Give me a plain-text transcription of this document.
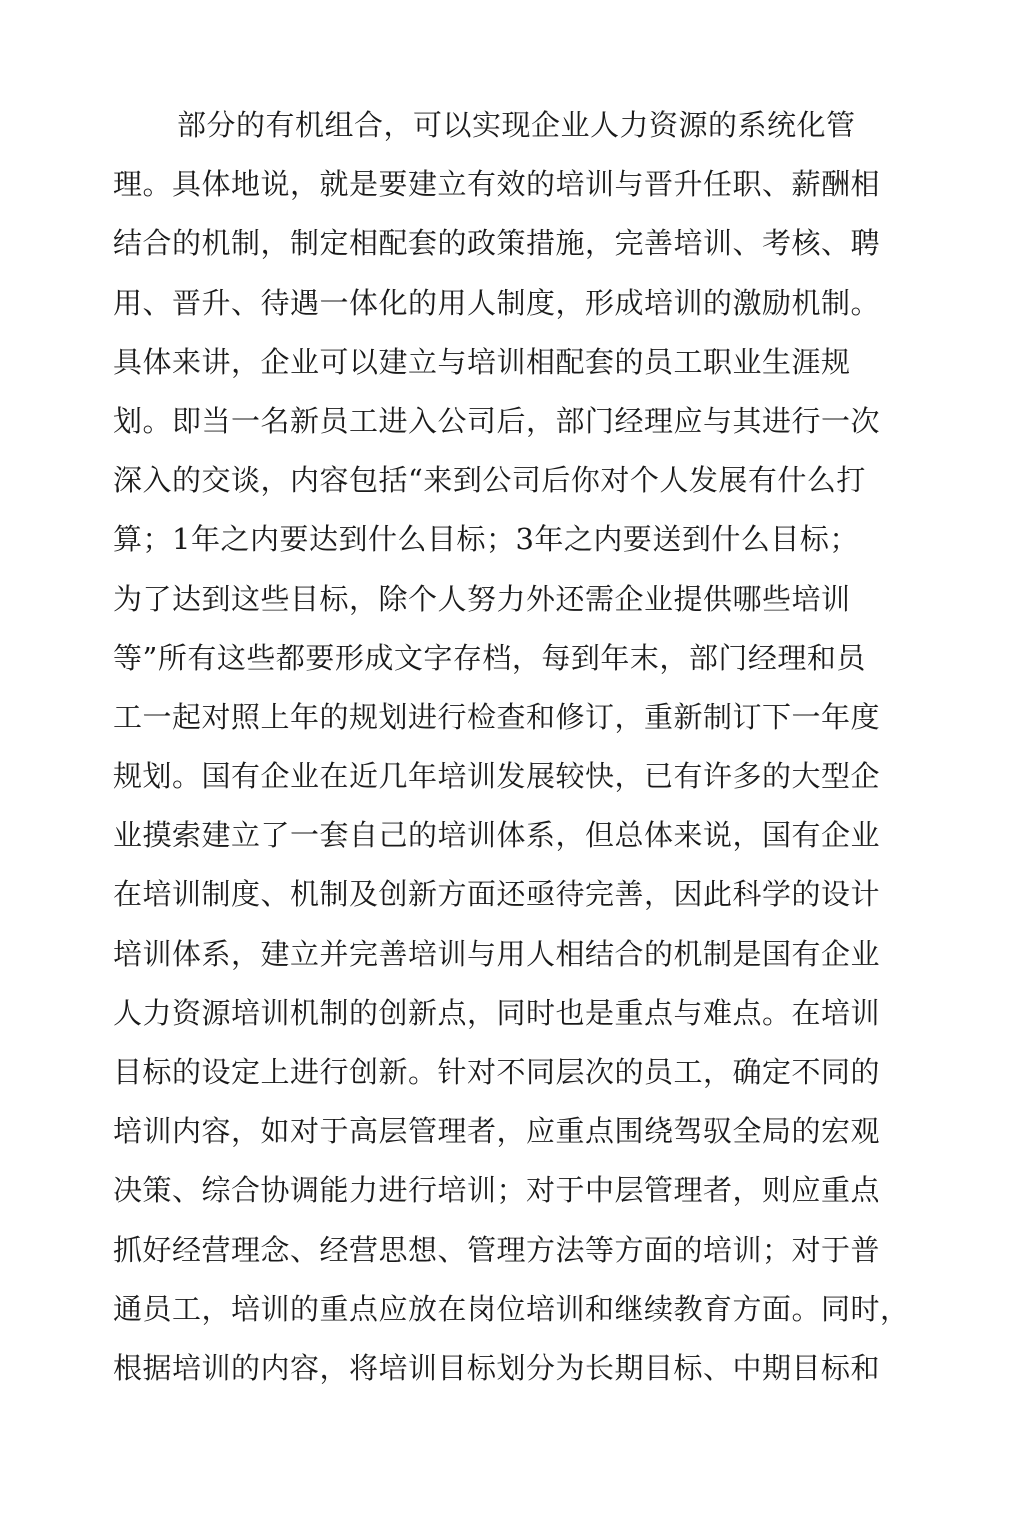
部分的有机组合，可以实现企业人力资源的系统化管
理。具体地说，就是要建立有效的培训与晋升任职、薪酬相
结合的机制，制定相配套的政策措施，完善培训、考核、聘
用、晋升、待遇一体化的用人制度，形成培训的激励机制。
具体来讲，企业可以建立与培训相配套的员工职业生涯规
划。即当一名新员工进入公司后，部门经理应与其进行一次
深入的交谈，内容包括“来到公司后你对个人发展有什么打
算；1年之内要达到什么目标；3年之内要送到什么目标；
为了达到这些目标，除个人努力外还需企业提供哪些培训
等”所有这些都要形成文字存档，每到年末，部门经理和员
工一起对照上年的规划进行检查和修订，重新制订下一年度
规划。国有企业在近几年培训发展较快，已有许多的大型企
业摸索建立了一套自己的培训体系，但总体来说，国有企业
在培训制度、机制及创新方面还亟待完善，因此科学的设计
培训体系，建立并完善培训与用人相结合的机制是国有企业
人力资源培训机制的创新点，同时也是重点与难点。在培训
目标的设定上进行创新。针对不同层次的员工，确定不同的
培训内容，如对于高层管理者，应重点围绕驾驭全局的宏观
决策、综合协调能力进行培训；对于中层管理者，则应重点
抓好经营理念、经营思想、管理方法等方面的培训；对于普
通员工，培训的重点应放在岗位培训和继续教育方面。同时，
根据培训的内容，将培训目标划分为长期目标、中期目标和
